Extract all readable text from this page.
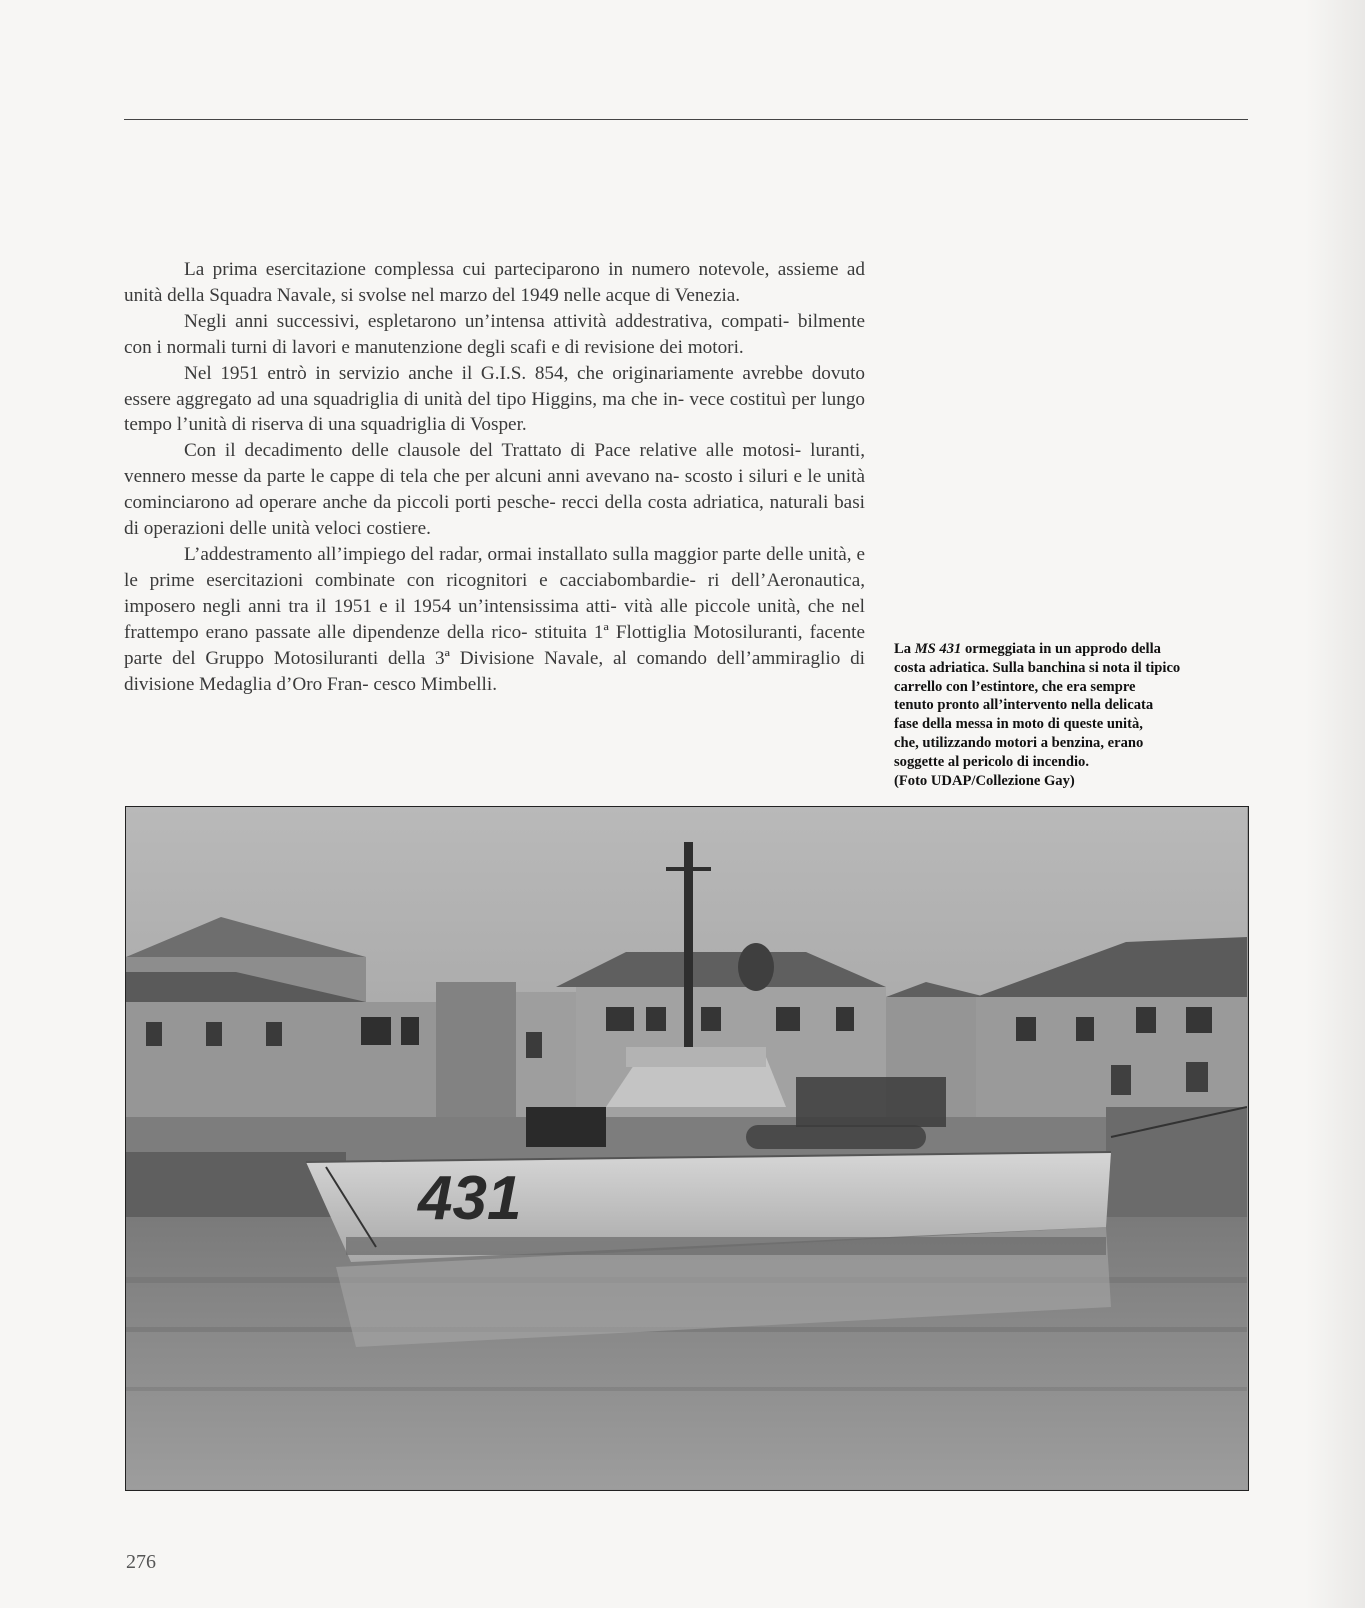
La prima esercitazione complessa cui parteciparono in numero notevole, assieme ad unità della Squadra Navale, si svolse nel marzo del 1949 nelle acque di Venezia.

Negli anni successivi, espletarono un’intensa attività addestrativa, compati- bilmente con i normali turni di lavori e manutenzione degli scafi e di revisione dei motori.

Nel 1951 entrò in servizio anche il G.I.S. 854, che originariamente avrebbe dovuto essere aggregato ad una squadriglia di unità del tipo Higgins, ma che in- vece costituì per lungo tempo l’unità di riserva di una squadriglia di Vosper.

Con il decadimento delle clausole del Trattato di Pace relative alle motosi- luranti, vennero messe da parte le cappe di tela che per alcuni anni avevano na- scosto i siluri e le unità cominciarono ad operare anche da piccoli porti pesche- recci della costa adriatica, naturali basi di operazioni delle unità veloci costiere.

L’addestramento all’impiego del radar, ormai installato sulla maggior parte delle unità, e le prime esercitazioni combinate con ricognitori e cacciabombardie- ri dell’Aeronautica, imposero negli anni tra il 1951 e il 1954 un’intensissima atti- vità alle piccole unità, che nel frattempo erano passate alle dipendenze della rico- stituita 1ª Flottiglia Motosiluranti, facente parte del Gruppo Motosiluranti della 3ª Divisione Navale, al comando dell’ammiraglio di divisione Medaglia d’Oro Fran- cesco Mimbelli.

La MS 431 ormeggiata in un approdo della
costa adriatica. Sulla banchina si nota il tipico
carrello con l’estintore, che era sempre
tenuto pronto all’intervento nella delicata
fase della messa in moto di queste unità,
che, utilizzando motori a benzina, erano
soggette al pericolo di incendio.
(Foto UDAP/Collezione Gay)
431
276
